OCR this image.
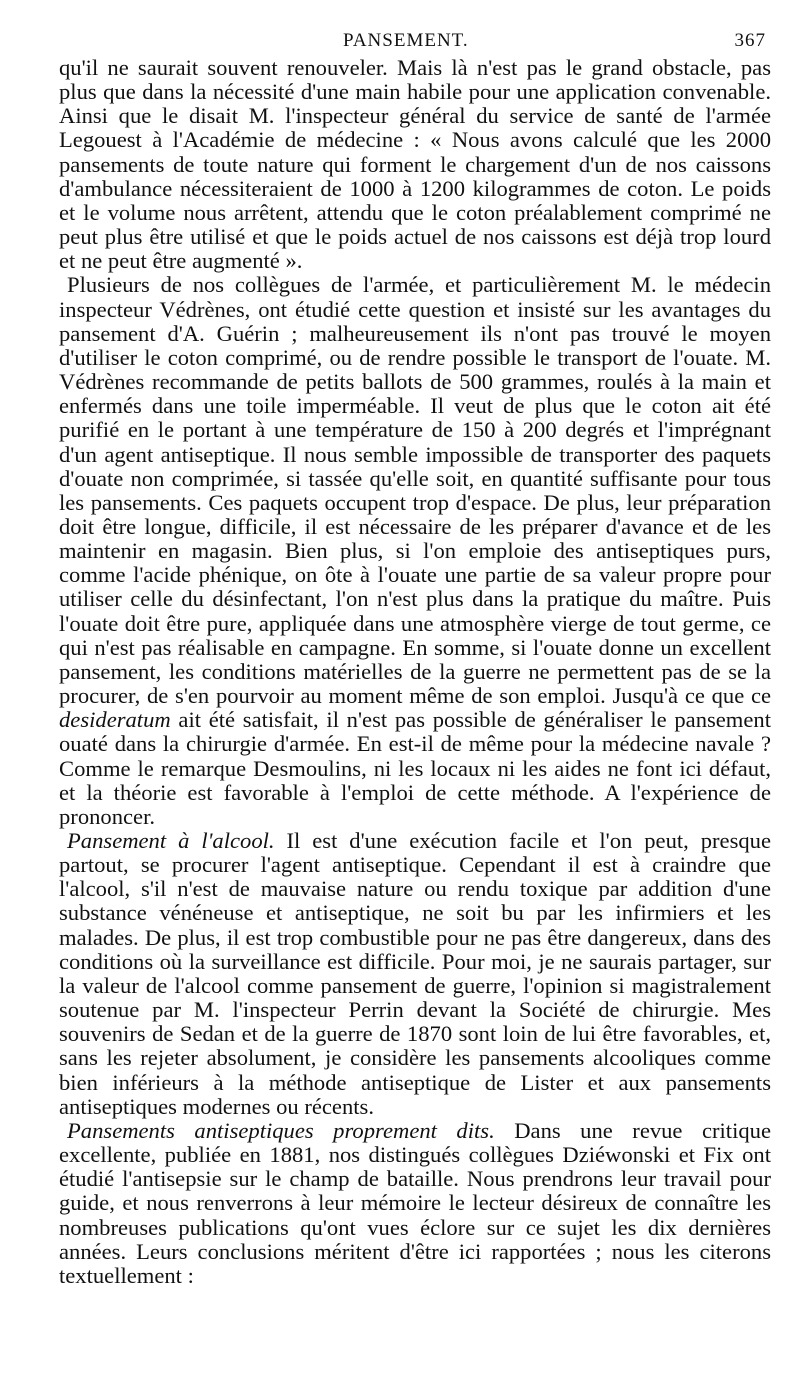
PANSEMENT.	367

qu'il ne saurait souvent renouveler. Mais là n'est pas le grand obstacle, pas plus que dans la nécessité d'une main habile pour une application convenable. Ainsi que le disait M. l'inspecteur général du service de santé de l'armée Legouest à l'Académie de médecine : « Nous avons calculé que les 2000 pansements de toute nature qui forment le chargement d'un de nos caissons d'ambulance nécessiteraient de 1000 à 1200 kilogrammes de coton. Le poids et le volume nous arrêtent, attendu que le coton préalablement comprimé ne peut plus être utilisé et que le poids actuel de nos caissons est déjà trop lourd et ne peut être augmenté ».

Plusieurs de nos collègues de l'armée, et particulièrement M. le médecin inspecteur Védrènes, ont étudié cette question et insisté sur les avantages du pansement d'A. Guérin ; malheureusement ils n'ont pas trouvé le moyen d'utiliser le coton comprimé, ou de rendre possible le transport de l'ouate. M. Védrènes recommande de petits ballots de 500 grammes, roulés à la main et enfermés dans une toile imperméable. Il veut de plus que le coton ait été purifié en le portant à une température de 150 à 200 degrés et l'imprégnant d'un agent antiseptique. Il nous semble impossible de transporter des paquets d'ouate non comprimée, si tassée qu'elle soit, en quantité suffisante pour tous les pansements. Ces paquets occupent trop d'espace. De plus, leur préparation doit être longue, difficile, il est nécessaire de les préparer d'avance et de les maintenir en magasin. Bien plus, si l'on emploie des antiseptiques purs, comme l'acide phénique, on ôte à l'ouate une partie de sa valeur propre pour utiliser celle du désinfectant, l'on n'est plus dans la pratique du maître. Puis l'ouate doit être pure, appliquée dans une atmosphère vierge de tout germe, ce qui n'est pas réalisable en campagne. En somme, si l'ouate donne un excellent pansement, les conditions matérielles de la guerre ne permettent pas de se la procurer, de s'en pourvoir au moment même de son emploi. Jusqu'à ce que ce desideratum ait été satisfait, il n'est pas possible de généraliser le pansement ouaté dans la chirurgie d'armée. En est-il de même pour la médecine navale ? Comme le remarque Desmoulins, ni les locaux ni les aides ne font ici défaut, et la théorie est favorable à l'emploi de cette méthode. A l'expérience de prononcer.

Pansement à l'alcool. Il est d'une exécution facile et l'on peut, presque partout, se procurer l'agent antiseptique. Cependant il est à craindre que l'alcool, s'il n'est de mauvaise nature ou rendu toxique par addition d'une substance vénéneuse et antiseptique, ne soit bu par les infirmiers et les malades. De plus, il est trop combustible pour ne pas être dangereux, dans des conditions où la surveillance est difficile. Pour moi, je ne saurais partager, sur la valeur de l'alcool comme pansement de guerre, l'opinion si magistralement soutenue par M. l'inspecteur Perrin devant la Société de chirurgie. Mes souvenirs de Sedan et de la guerre de 1870 sont loin de lui être favorables, et, sans les rejeter absolument, je considère les pansements alcooliques comme bien inférieurs à la méthode antiseptique de Lister et aux pansements antiseptiques modernes ou récents.

Pansements antiseptiques proprement dits. Dans une revue critique excellente, publiée en 1881, nos distingués collègues Dziéwonski et Fix ont étudié l'antisepsie sur le champ de bataille. Nous prendrons leur travail pour guide, et nous renverrons à leur mémoire le lecteur désireux de connaître les nombreuses publications qu'ont vues éclore sur ce sujet les dix dernières années. Leurs conclusions méritent d'être ici rapportées ; nous les citerons textuellement :
